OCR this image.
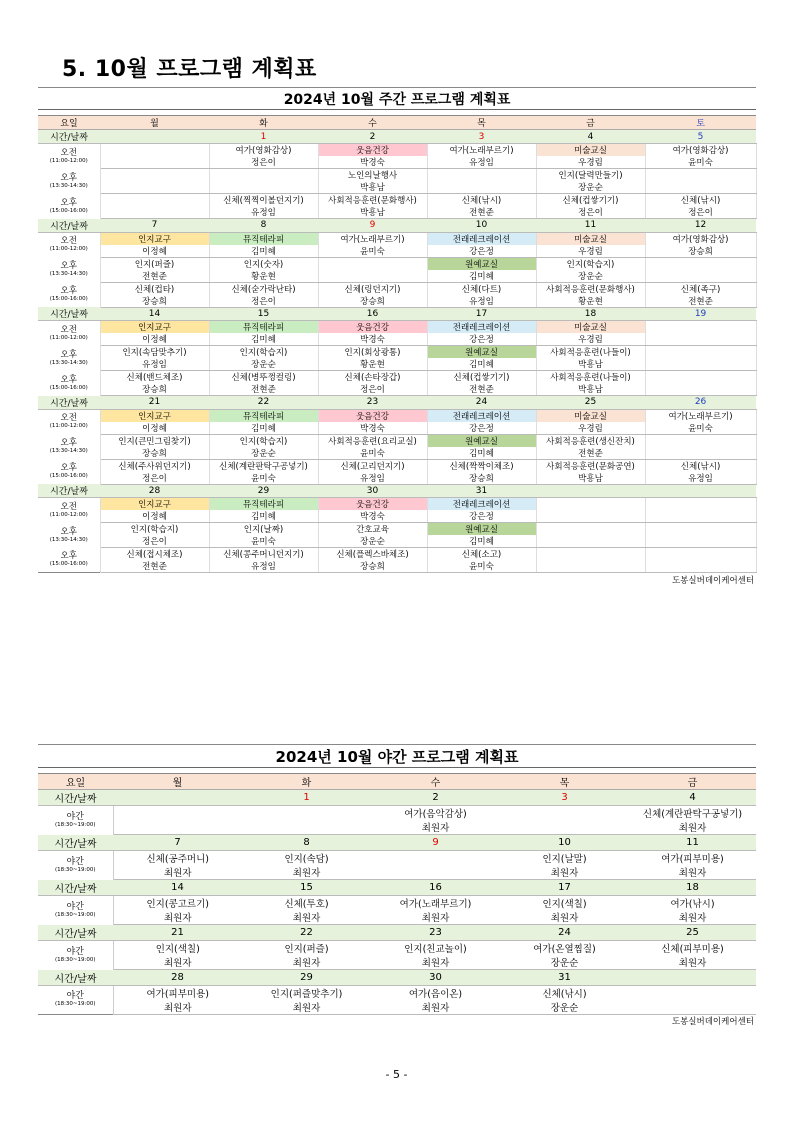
5. 10월 프로그램 계획표
2024년 10월 주간 프로그램 계획표						

요일	월	화	수	목	금	토
시간/날짜		1	2	3	4	5

오전
(11:00-12:00)		여가(영화감상)	웃음건강	여가(노래부르기)	미술교실	여가(영화감상)
		정은이	박경숙	유정임	우경림	윤미숙

오후
(13:30-14:30)			노인의날행사		인지(달력만들기)	
			박흥남		장운순	

오후
(15:00-16:00)		신체(찍찍이볼던지기)	사회적응훈련(문화행사)	신체(낚시)	신체(컵쌓기기)	신체(낚시)
		유정임	박흥남	전현준	정은이	정은이
시간/날짜	7	8	9	10	11	12

오전
(11:00-12:00)	인지교구	뮤직테라피	여가(노래부르기)	전래레크레이션	미술교실	여가(영화감상)
	이정혜	김미혜	윤미숙	강은정	우경림	장승희

오후
(13:30-14:30)	인지(퍼즐)	인지(숫자)		원예교실	인지(학습지)	
	전현준	황운현		김미혜	장운순	

오후
(15:00-16:00)	신체(컵타)	신체(숟가락난타)	신체(링던지기)	신체(다트)	사회적응훈련(문화행사)	신체(족구)
	장승희	정은이	장승희	유정임	황운현	전현준
시간/날짜	14	15	16	17	18	19

오전
(11:00-12:00)	인지교구	뮤직테라피	웃음건강	전래레크레이션	미술교실	
	이정혜	김미혜	박경숙	강은정	우경림	

오후
(13:30-14:30)	인지(속담맞추기)	인지(학습지)	인지(회상광통)	원예교실	사회적응훈련(나들이)	
	유정임	장운순	황운현	김미혜	박흥남	

오후
(15:00-16:00)	신체(밴드체조)	신체(병뚜껑컬링)	신체(손타장갑)	신체(컵쌓기기)	사회적응훈련(나들이)	
	장승희	전현준	정은이	전현준	박흥남	
시간/날짜	21	22	23	24	25	26

오전
(11:00-12:00)	인지교구	뮤직테라피	웃음건강	전래레크레이션	미술교실	여가(노래부르기)
	이정혜	김미혜	박경숙	강은정	우경림	윤미숙

오후
(13:30-14:30)	인지(큰민그림찾기)	인지(학습지)	사회적응훈련(요리교실)	원예교실	사회적응훈련(생신잔치)	
	장승희	장운순	윤미숙	김미혜	전현준	

오후
(15:00-16:00)	신체(주사위던지기)	신체(계란판탁구공넣기)	신체(고리던지기)	신체(짝짝이체조)	사회적응훈련(문화공연)	신체(낚시)
	정은이	윤미숙	유정임	장승희	박흥남	유정임
시간/날짜	28	29	30	31		

오전
(11:00-12:00)	인지교구	뮤직테라피	웃음건강	전래레크레이션		
	이정혜	김미혜	박경숙	강은정		

오후
(13:30-14:30)	인지(학습지)	인지(날짜)	간호교육	원예교실		
	정은이	윤미숙	장운순	김미혜		

오후
(15:00-16:00)	신체(접시체조)	신체(콩주머니던지기)	신체(플렉스바체조)	신체(소고)		
	전현준	유정임	장승희	윤미숙		
도봉실버데이케어센터						
2024년 10월 야간 프로그램 계획표					

요일	월	화	수	목	금
시간/날짜		1	2	3	4

야간
(18:30~19:00)			여가(음악감상)		신체(계란판탁구공넣기)
			최원자		최원자
시간/날짜	7	8	9	10	11

야간
(18:30~19:00)	신체(공주머니)	인지(속담)		인지(날말)	여가(피부미용)
	최원자	최원자		최원자	최원자
시간/날짜	14	15	16	17	18

야간
(18:30~19:00)	인지(콩고르기)	신체(투호)	여가(노래부르기)	인지(색칠)	여가(낚시)
	최원자	최원자	최원자	최원자	최원자
시간/날짜	21	22	23	24	25

야간
(18:30~19:00)	인지(색칠)	인지(퍼즐)	인지(친교놀이)	여가(온열찜질)	신체(피부미용)
	최원자	최원자	최원자	장운순	최원자
시간/날짜	28	29	30	31	

야간
(18:30~19:00)	여가(피부미용)	인지(퍼즐맞추기)	여가(음이온)	신체(낚시)	
	최원자	최원자	최원자	장운순	
도봉실버데이케어센터					
- 5 -
